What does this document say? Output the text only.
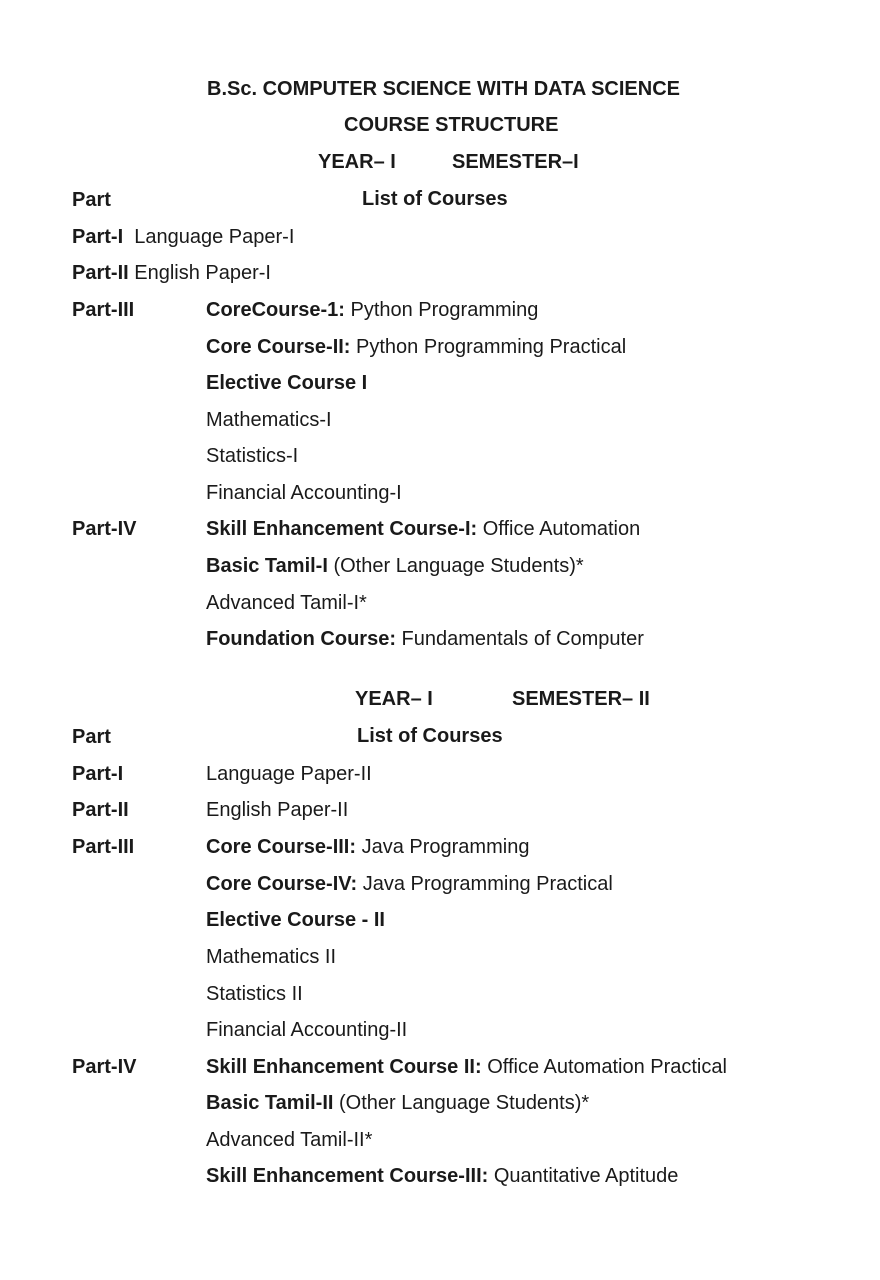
B.Sc. COMPUTER SCIENCE WITH DATA SCIENCE
COURSE STRUCTURE
YEAR– I	SEMESTER–I
Part	List of Courses
Part-I Language Paper-I
Part-II English Paper-I
Part-III	CoreCourse-1: Python Programming
Core Course-II: Python Programming Practical
Elective Course I
Mathematics-I
Statistics-I
Financial Accounting-I
Part-IV	Skill Enhancement Course-I: Office Automation
Basic Tamil-I (Other Language Students)*
Advanced Tamil-I*
Foundation Course: Fundamentals of Computer
YEAR– I	SEMESTER– II
Part	List of Courses
Part-I	Language Paper-II
Part-II	English Paper-II
Part-III	Core Course-III: Java Programming
Core Course-IV: Java Programming Practical
Elective Course - II
Mathematics II
Statistics II
Financial Accounting-II
Part-IV	Skill Enhancement Course II: Office Automation Practical
Basic Tamil-II (Other Language Students)*
Advanced Tamil-II*
Skill Enhancement Course-III: Quantitative Aptitude
